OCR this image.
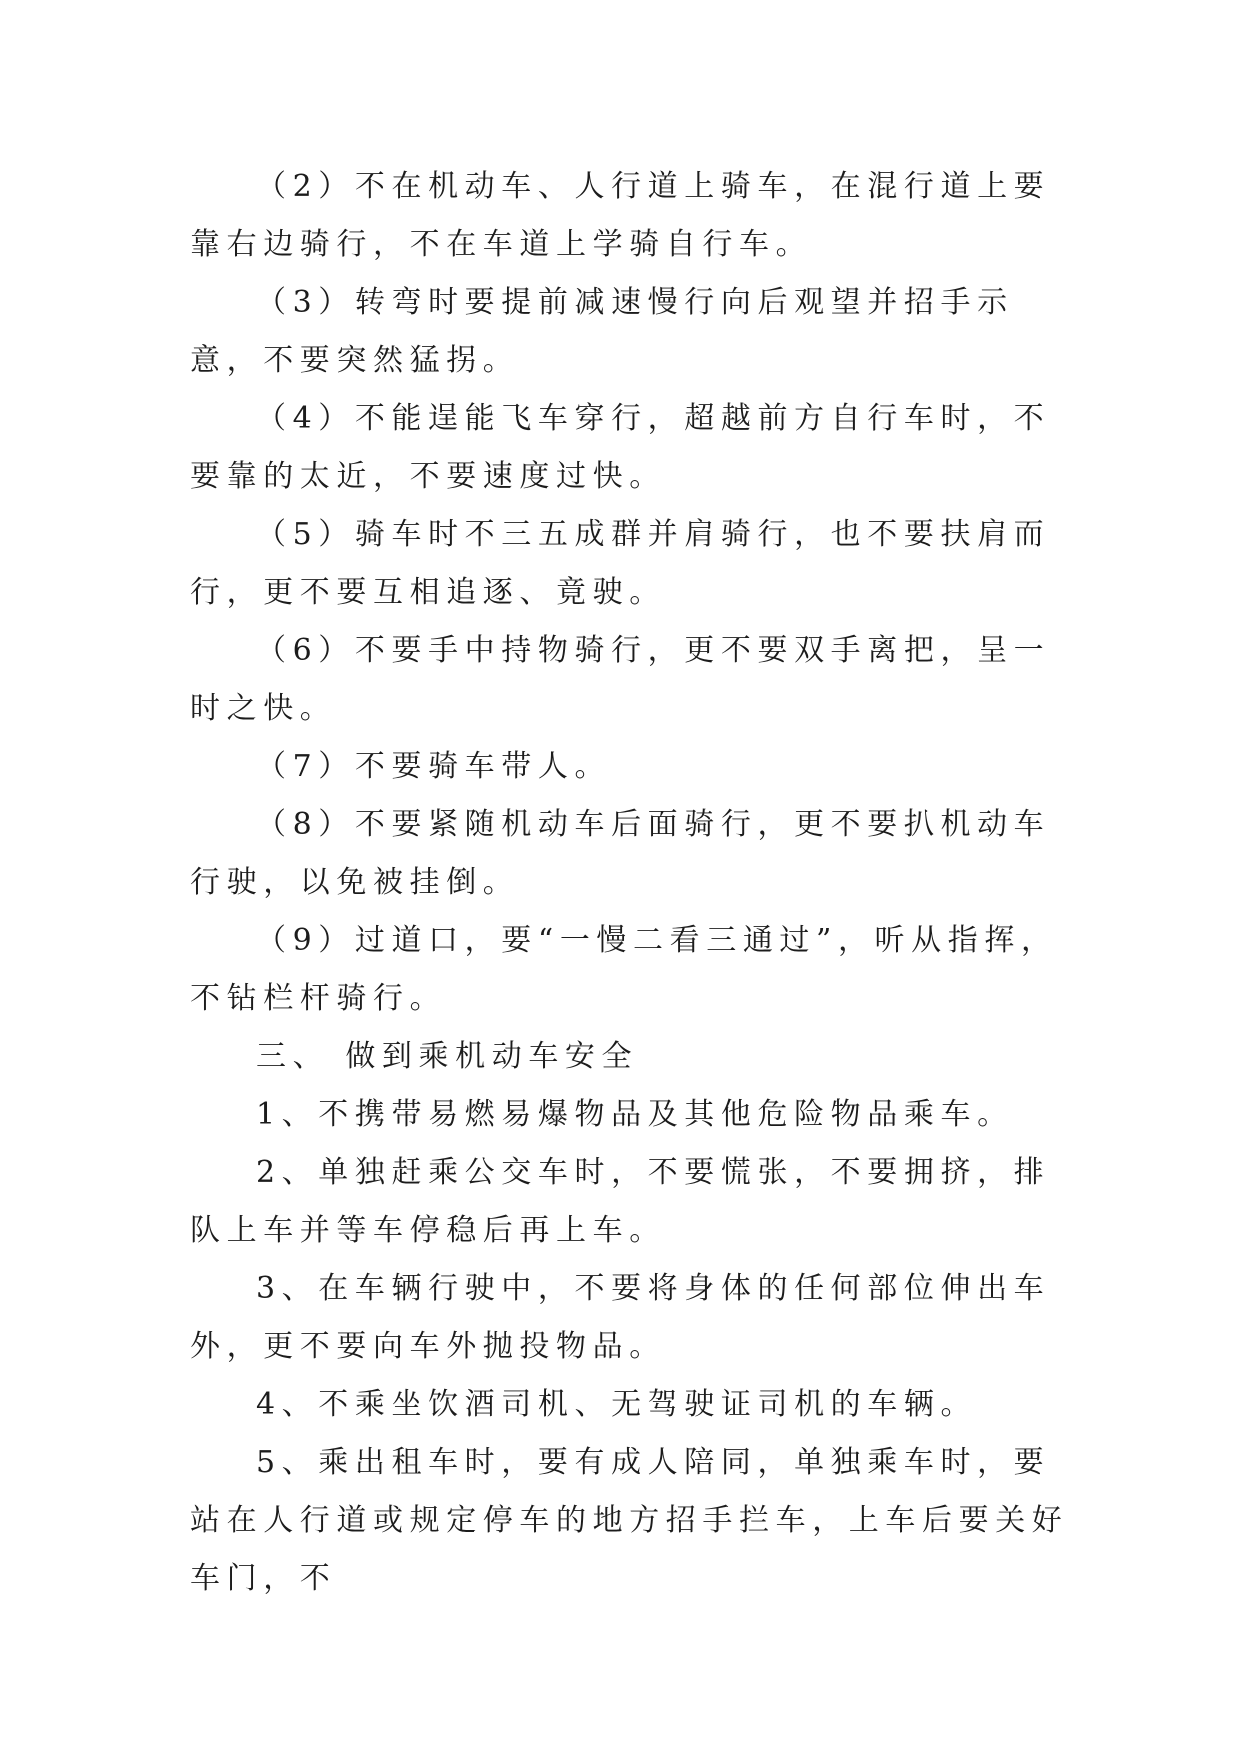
（2）不在机动车、人行道上骑车，在混行道上要靠右边骑行，不在车道上学骑自行车。

（3）转弯时要提前减速慢行向后观望并招手示意，不要突然猛拐。

（4）不能逞能飞车穿行，超越前方自行车时，不要靠的太近，不要速度过快。

（5）骑车时不三五成群并肩骑行，也不要扶肩而行，更不要互相追逐、竟驶。

（6）不要手中持物骑行，更不要双手离把，呈一时之快。

（7）不要骑车带人。

（8）不要紧随机动车后面骑行，更不要扒机动车行驶，以免被挂倒。

（9）过道口，要“一慢二看三通过”，听从指挥，不钻栏杆骑行。

三、 做到乘机动车安全

1、不携带易燃易爆物品及其他危险物品乘车。

2、单独赶乘公交车时，不要慌张，不要拥挤，排队上车并等车停稳后再上车。

3、在车辆行驶中，不要将身体的任何部位伸出车外，更不要向车外抛投物品。

4、不乘坐饮酒司机、无驾驶证司机的车辆。

5、乘出租车时，要有成人陪同，单独乘车时，要站在人行道或规定停车的地方招手拦车，上车后要关好车门，不
